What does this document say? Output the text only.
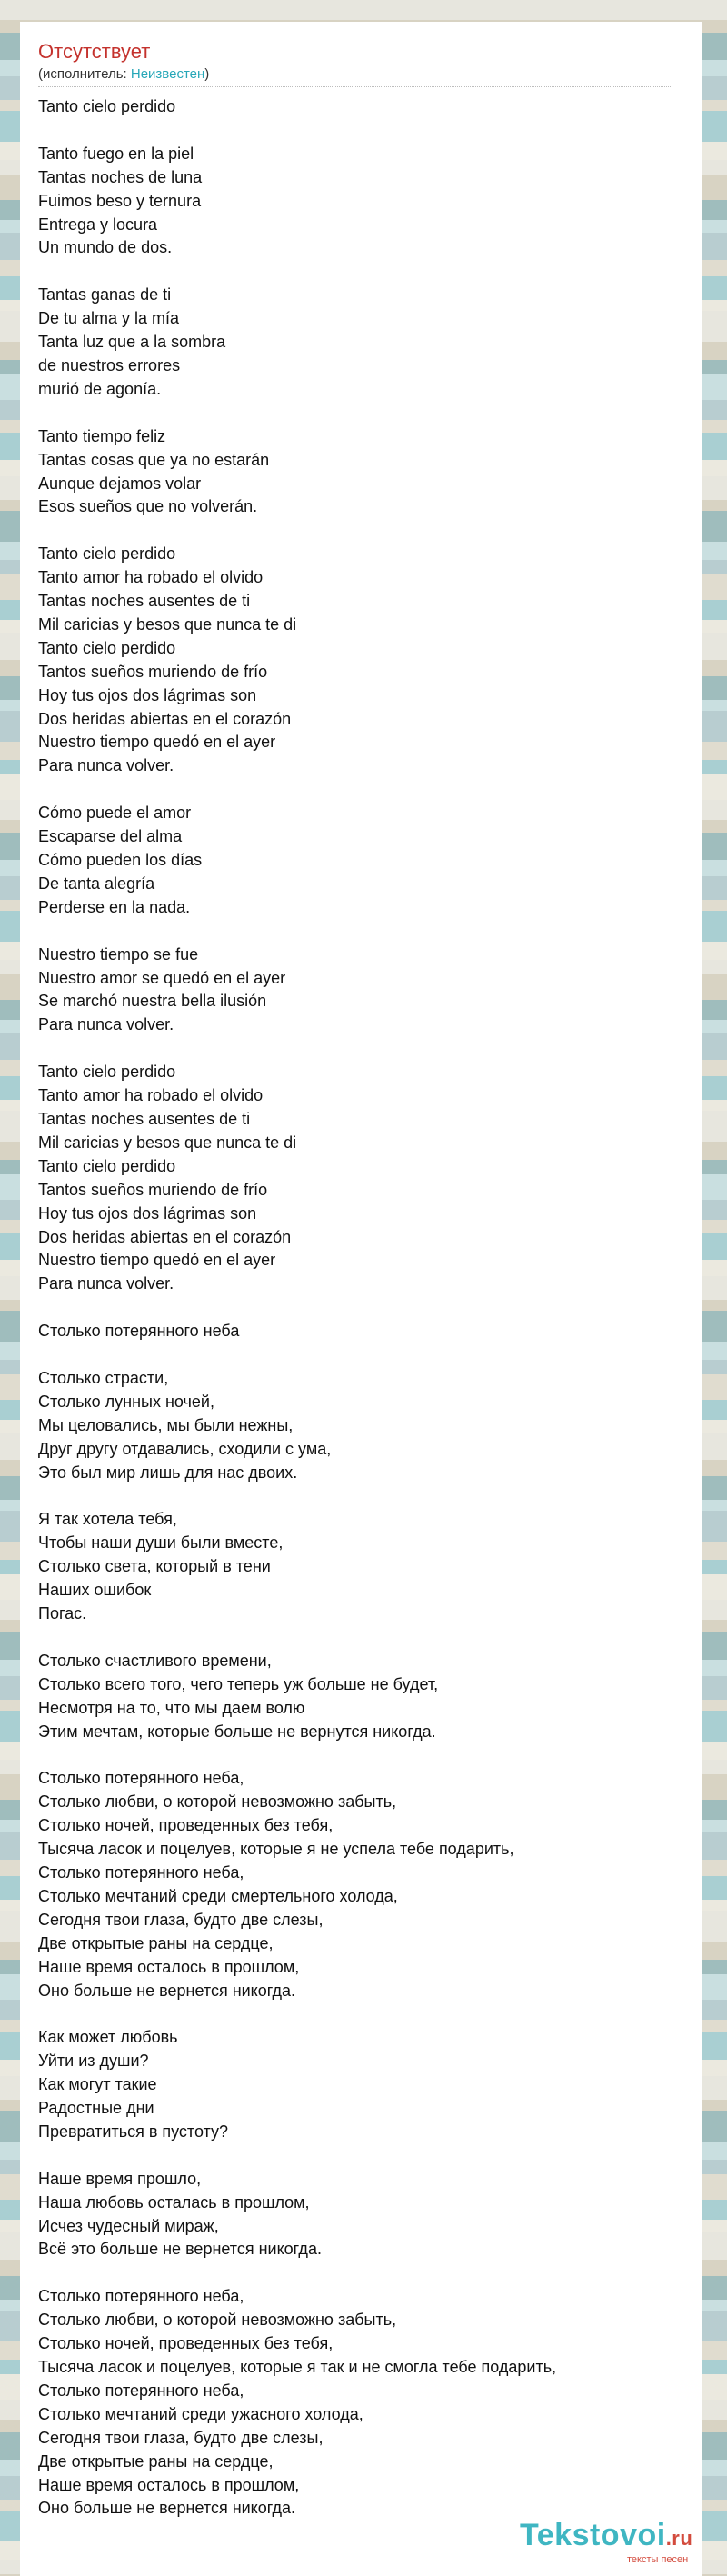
Отсутствует
(исполнитель: Неизвестен)
Tanto cielo perdido

Tanto fuego en la piel
Tantas noches de luna
Fuimos beso y ternura
Entrega y locura
Un mundo de dos.

Tantas ganas de ti
De tu alma y la mía
Tanta luz que a la sombra
de nuestros errores
murió de agonía.

Tanto tiempo feliz
Tantas cosas que ya no estarán
Aunque dejamos volar
Esos sueños que no volverán.

Tanto cielo perdido
Tanto amor ha robado el olvido
Tantas noches ausentes de ti
Mil caricias y besos que nunca te di
Tanto cielo perdido
Tantos sueños muriendo de frío
Hoy tus ojos dos lágrimas son
Dos heridas abiertas en el corazón
Nuestro tiempo quedó en el ayer
Para nunca volver.

Cómo puede el amor
Escaparse del alma
Cómo pueden los días
De tanta alegría
Perderse en la nada.

Nuestro tiempo se fue
Nuestro amor se quedó en el ayer
Se marchó nuestra bella ilusión
Para nunca volver.

Tanto cielo perdido
Tanto amor ha robado el olvido
Tantas noches ausentes de ti
Mil caricias y besos que nunca te di
Tanto cielo perdido
Tantos sueños muriendo de frío
Hoy tus ojos dos lágrimas son
Dos heridas abiertas en el corazón
Nuestro tiempo quedó en el ayer
Para nunca volver.

Столько потерянного неба

Столько страсти,
Столько лунных ночей,
Мы целовались, мы были нежны,
Друг другу отдавались, сходили с ума,
Это был мир лишь для нас двоих.

Я так хотела тебя,
Чтобы наши души были вместе,
Столько света, который в тени
Наших ошибок
Погас.

Столько счастливого времени,
Столько всего того, чего теперь уж больше не будет,
Несмотря на то, что мы даем волю
Этим мечтам, которые больше не вернутся никогда.

Столько потерянного неба,
Столько любви, о которой невозможно забыть,
Столько ночей, проведенных без тебя,
Тысяча ласок и поцелуев, которые я не успела тебе подарить,
Столько потерянного неба,
Столько мечтаний среди смертельного холода,
Сегодня твои глаза, будто две слезы,
Две открытые раны на сердце,
Наше время осталось в прошлом,
Оно больше не вернется никогда.

Как может любовь
Уйти из души?
Как могут такие
Радостные дни
Превратиться в пустоту?

Наше время прошло,
Наша любовь осталась в прошлом,
Исчез чудесный мираж,
Всё это больше не вернется никогда.

Столько потерянного неба,
Столько любви, о которой невозможно забыть,
Столько ночей, проведенных без тебя,
Тысяча ласок и поцелуев, которые я так и не смогла тебе подарить,
Столько потерянного неба,
Столько мечтаний среди ужасного холода,
Сегодня твои глаза, будто две слезы,
Две открытые раны на сердце,
Наше время осталось в прошлом,
Оно больше не вернется никогда.
Tekstovoi.ru
тексты песен
